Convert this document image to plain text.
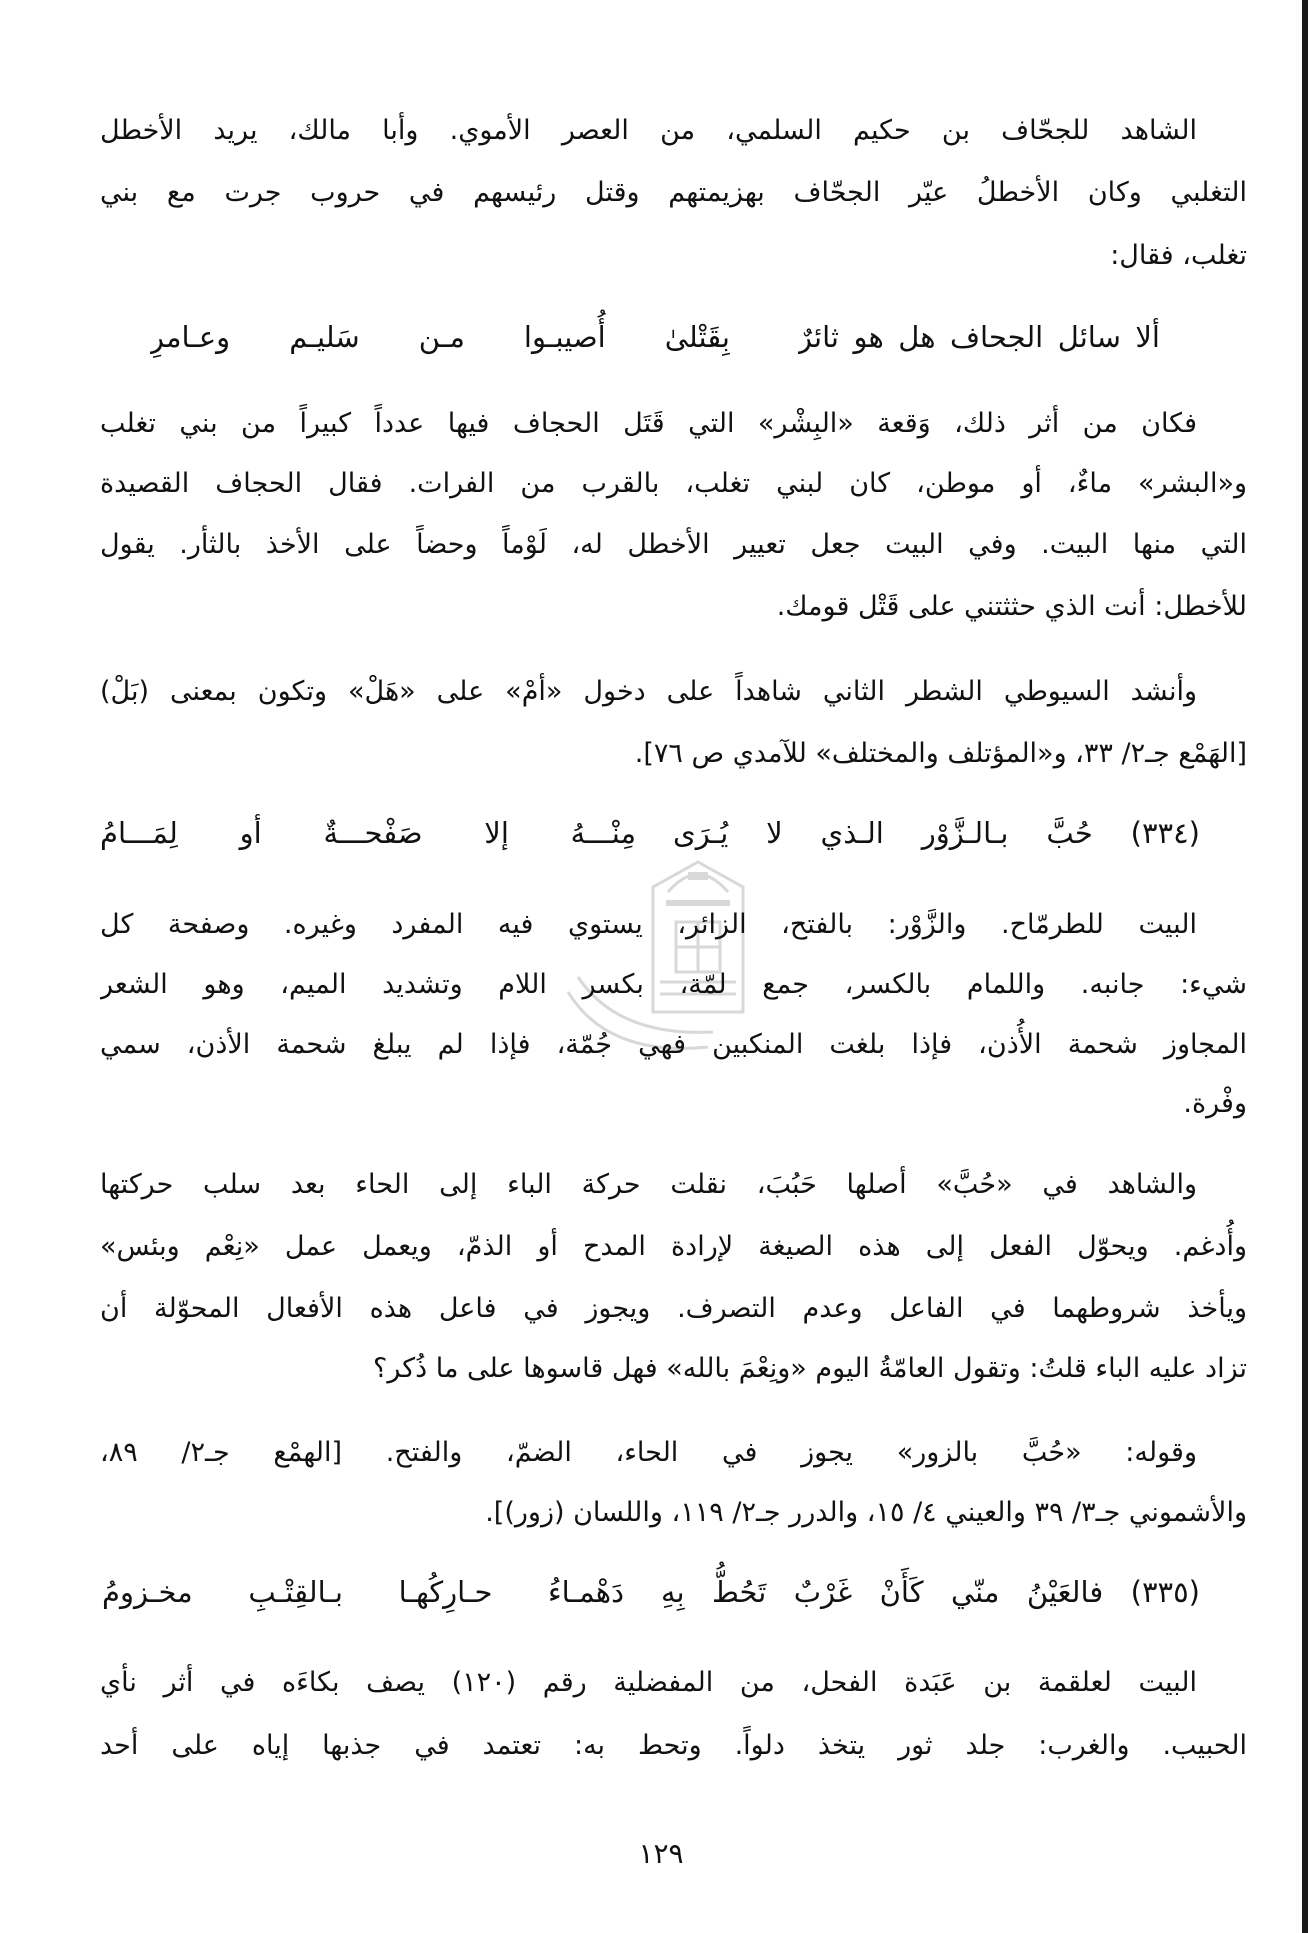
الشاهد للجحّاف بن حكيم السلمي، من العصر الأموي. وأبا مالك، يريد الأخطل
التغلبي وكان الأخطلُ عيّر الجحّاف بهزيمتهم وقتل رئيسهم في حروب جرت مع بني
تغلب، فقال:
ألا سائل الجحاف هل هو ثائرٌ
بِقَتْلىٰ أُصيبـوا مـن سَليـم وعـامرِ
فكان من أثر ذلك، وَقعة «البِشْر» التي قَتَل الحجاف فيها عدداً كبيراً من بني تغلب
و«البشر» ماءٌ، أو موطن، كان لبني تغلب، بالقرب من الفرات. فقال الحجاف القصيدة
التي منها البيت. وفي البيت جعل تعيير الأخطل له، لَوْماً وحضاً على الأخذ بالثأر. يقول
للأخطل: أنت الذي حثثتني على قَتْل قومك.
وأنشد السيوطي الشطر الثاني شاهداً على دخول «أمْ» على «هَلْ» وتكون بمعنى (بَلْ)
[الهَمْع جـ٢/ ٣٣، و«المؤتلف والمختلف» للآمدي ص ٧٦].
(٣٣٤) حُبَّ بـالـزَّوْر الـذي لا يُـرَى
مِنْـــهُ إلا صَفْحـــةٌ أو لِمَـــامُ
البيت للطرمّاح. والزَّوْر: بالفتح، الزائر، يستوي فيه المفرد وغيره. وصفحة كل
شيء: جانبه. واللمام بالكسر، جمع لمّة، بكسر اللام وتشديد الميم، وهو الشعر
المجاوز شحمة الأُذن، فإذا بلغت المنكبين فهي جُمّة، فإذا لم يبلغ شحمة الأذن، سمي
وفْرة.
والشاهد في «حُبَّ» أصلها حَبُبَ، نقلت حركة الباء إلى الحاء بعد سلب حركتها
وأُدغم. ويحوّل الفعل إلى هذه الصيغة لإرادة المدح أو الذمّ، ويعمل عمل «نِعْم وبئس»
ويأخذ شروطهما في الفاعل وعدم التصرف. ويجوز في فاعل هذه الأفعال المحوّلة أن
تزاد عليه الباء قلتُ: وتقول العامّةُ اليوم «ونِعْمَ بالله» فهل قاسوها على ما ذُكر؟
وقوله: «حُبَّ بالزور» يجوز في الحاء، الضمّ، والفتح. [الهمْع جـ٢/ ٨٩،
والأشموني جـ٣/ ٣٩ والعيني ٤/ ١٥، والدرر جـ٢/ ١١٩، واللسان (زور)].
(٣٣٥) فالعَيْنُ منّي كَأَنْ غَرْبٌ تَحُطُّ بِهِ
دَهْمـاءُ حـارِكُهـا بـالقِتْـبِ مخـزومُ
البيت لعلقمة بن عَبَدة الفحل، من المفضلية رقم (١٢٠) يصف بكاءَه في أثر نأي
الحبيب. والغرب: جلد ثور يتخذ دلواً. وتحط به: تعتمد في جذبها إياه على أحد
١٢٩
